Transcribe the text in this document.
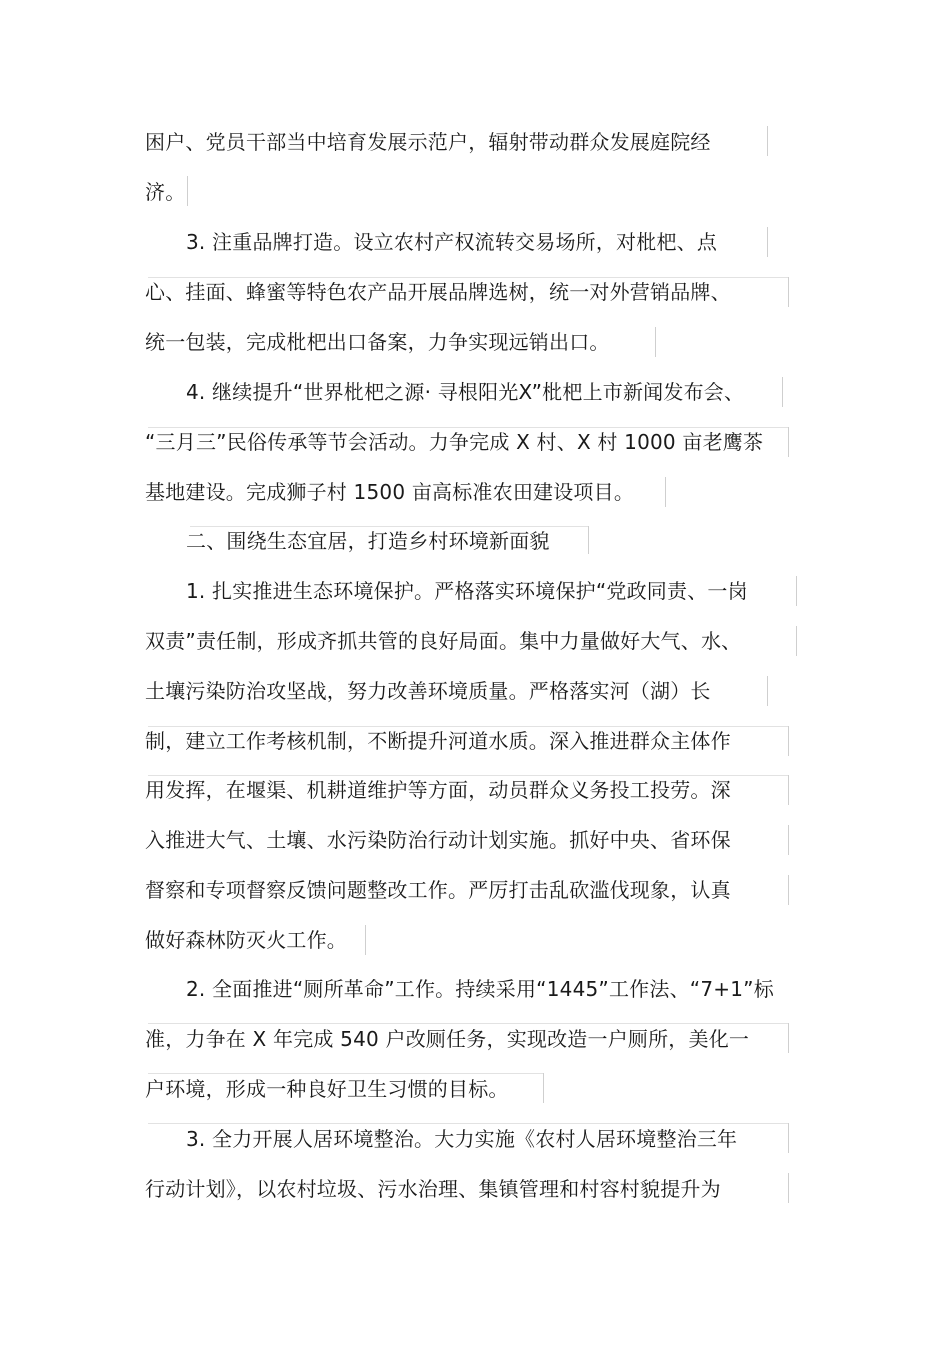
困户、党员干部当中培育发展示范户，辐射带动群众发展庭院经
济。
3. 注重品牌打造。设立农村产权流转交易场所，对枇杷、点
心、挂面、蜂蜜等特色农产品开展品牌选树，统一对外营销品牌、
统一包装，完成枇杷出口备案，力争实现远销出口。
4. 继续提升“世界枇杷之源· 寻根阳光X”枇杷上市新闻发布会、
“三月三”民俗传承等节会活动。力争完成 X 村、X 村 1000 亩老鹰茶
基地建设。完成狮子村 1500 亩高标准农田建设项目。
二、围绕生态宜居，打造乡村环境新面貌
1. 扎实推进生态环境保护。严格落实环境保护“党政同责、一岗
双责”责任制，形成齐抓共管的良好局面。集中力量做好大气、水、
土壤污染防治攻坚战，努力改善环境质量。严格落实河（湖）长
制，建立工作考核机制，不断提升河道水质。深入推进群众主体作
用发挥，在堰渠、机耕道维护等方面，动员群众义务投工投劳。深
入推进大气、土壤、水污染防治行动计划实施。抓好中央、省环保
督察和专项督察反馈问题整改工作。严厉打击乱砍滥伐现象，认真
做好森林防灭火工作。
2. 全面推进“厕所革命”工作。持续采用“1445”工作法、“7+1”标
准，力争在 X 年完成 540 户改厕任务，实现改造一户厕所，美化一
户环境，形成一种良好卫生习惯的目标。
3. 全力开展人居环境整治。大力实施《农村人居环境整治三年
行动计划》，以农村垃圾、污水治理、集镇管理和村容村貌提升为
